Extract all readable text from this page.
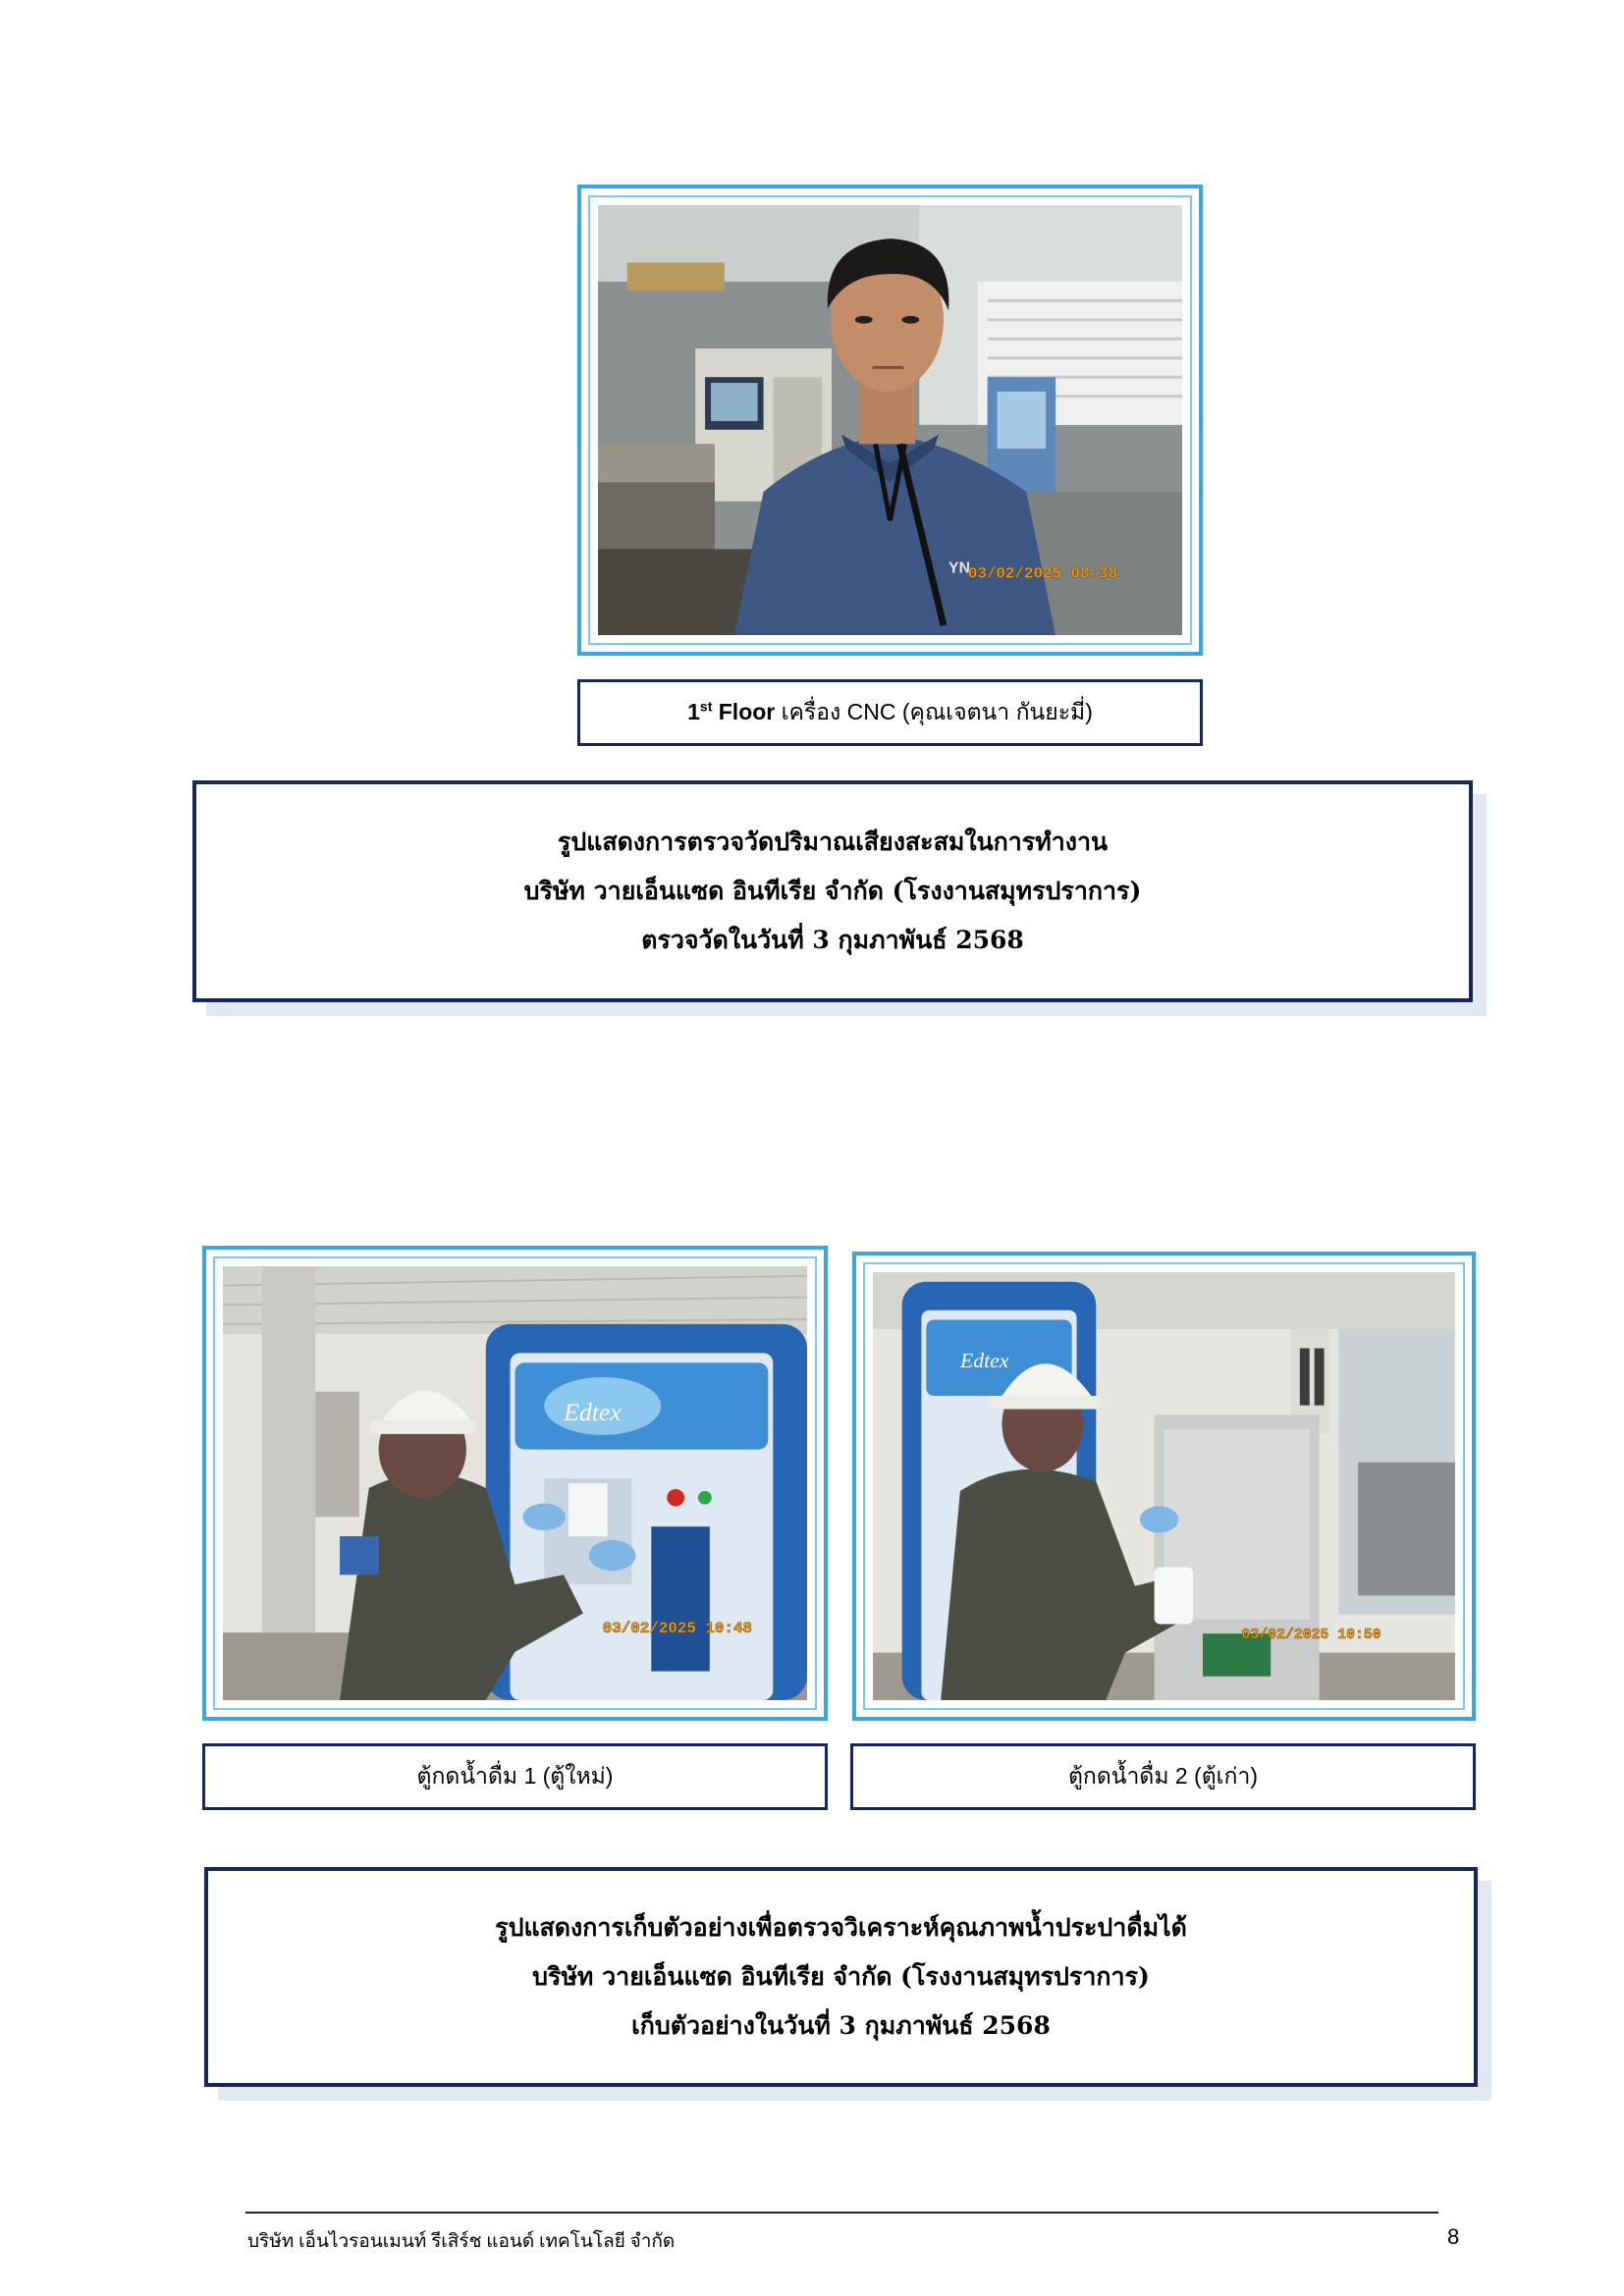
YN
03/02/2025 08:38
1st Floor เครื่อง CNC (คุณเจตนา กันยะมี่)
รูปแสดงการตรวจวัดปริมาณเสียงสะสมในการทำงาน
บริษัท วายเอ็นแซด อินทีเรีย จำกัด (โรงงานสมุทรปราการ)
ตรวจวัดในวันที่ 3 กุมภาพันธ์ 2568
Edtex
03/02/2025 10:48
ตู้กดน้ำดื่ม 1 (ตู้ใหม่)
Edtex
03/02/2025 10:50
ตู้กดน้ำดื่ม 2 (ตู้เก่า)
รูปแสดงการเก็บตัวอย่างเพื่อตรวจวิเคราะห์คุณภาพน้ำประปาดื่มได้
บริษัท วายเอ็นแซด อินทีเรีย จำกัด (โรงงานสมุทรปราการ)
เก็บตัวอย่างในวันที่ 3 กุมภาพันธ์ 2568
บริษัท เอ็นไวรอนเมนท์ รีเสิร์ช แอนด์ เทคโนโลยี จำกัด	8
